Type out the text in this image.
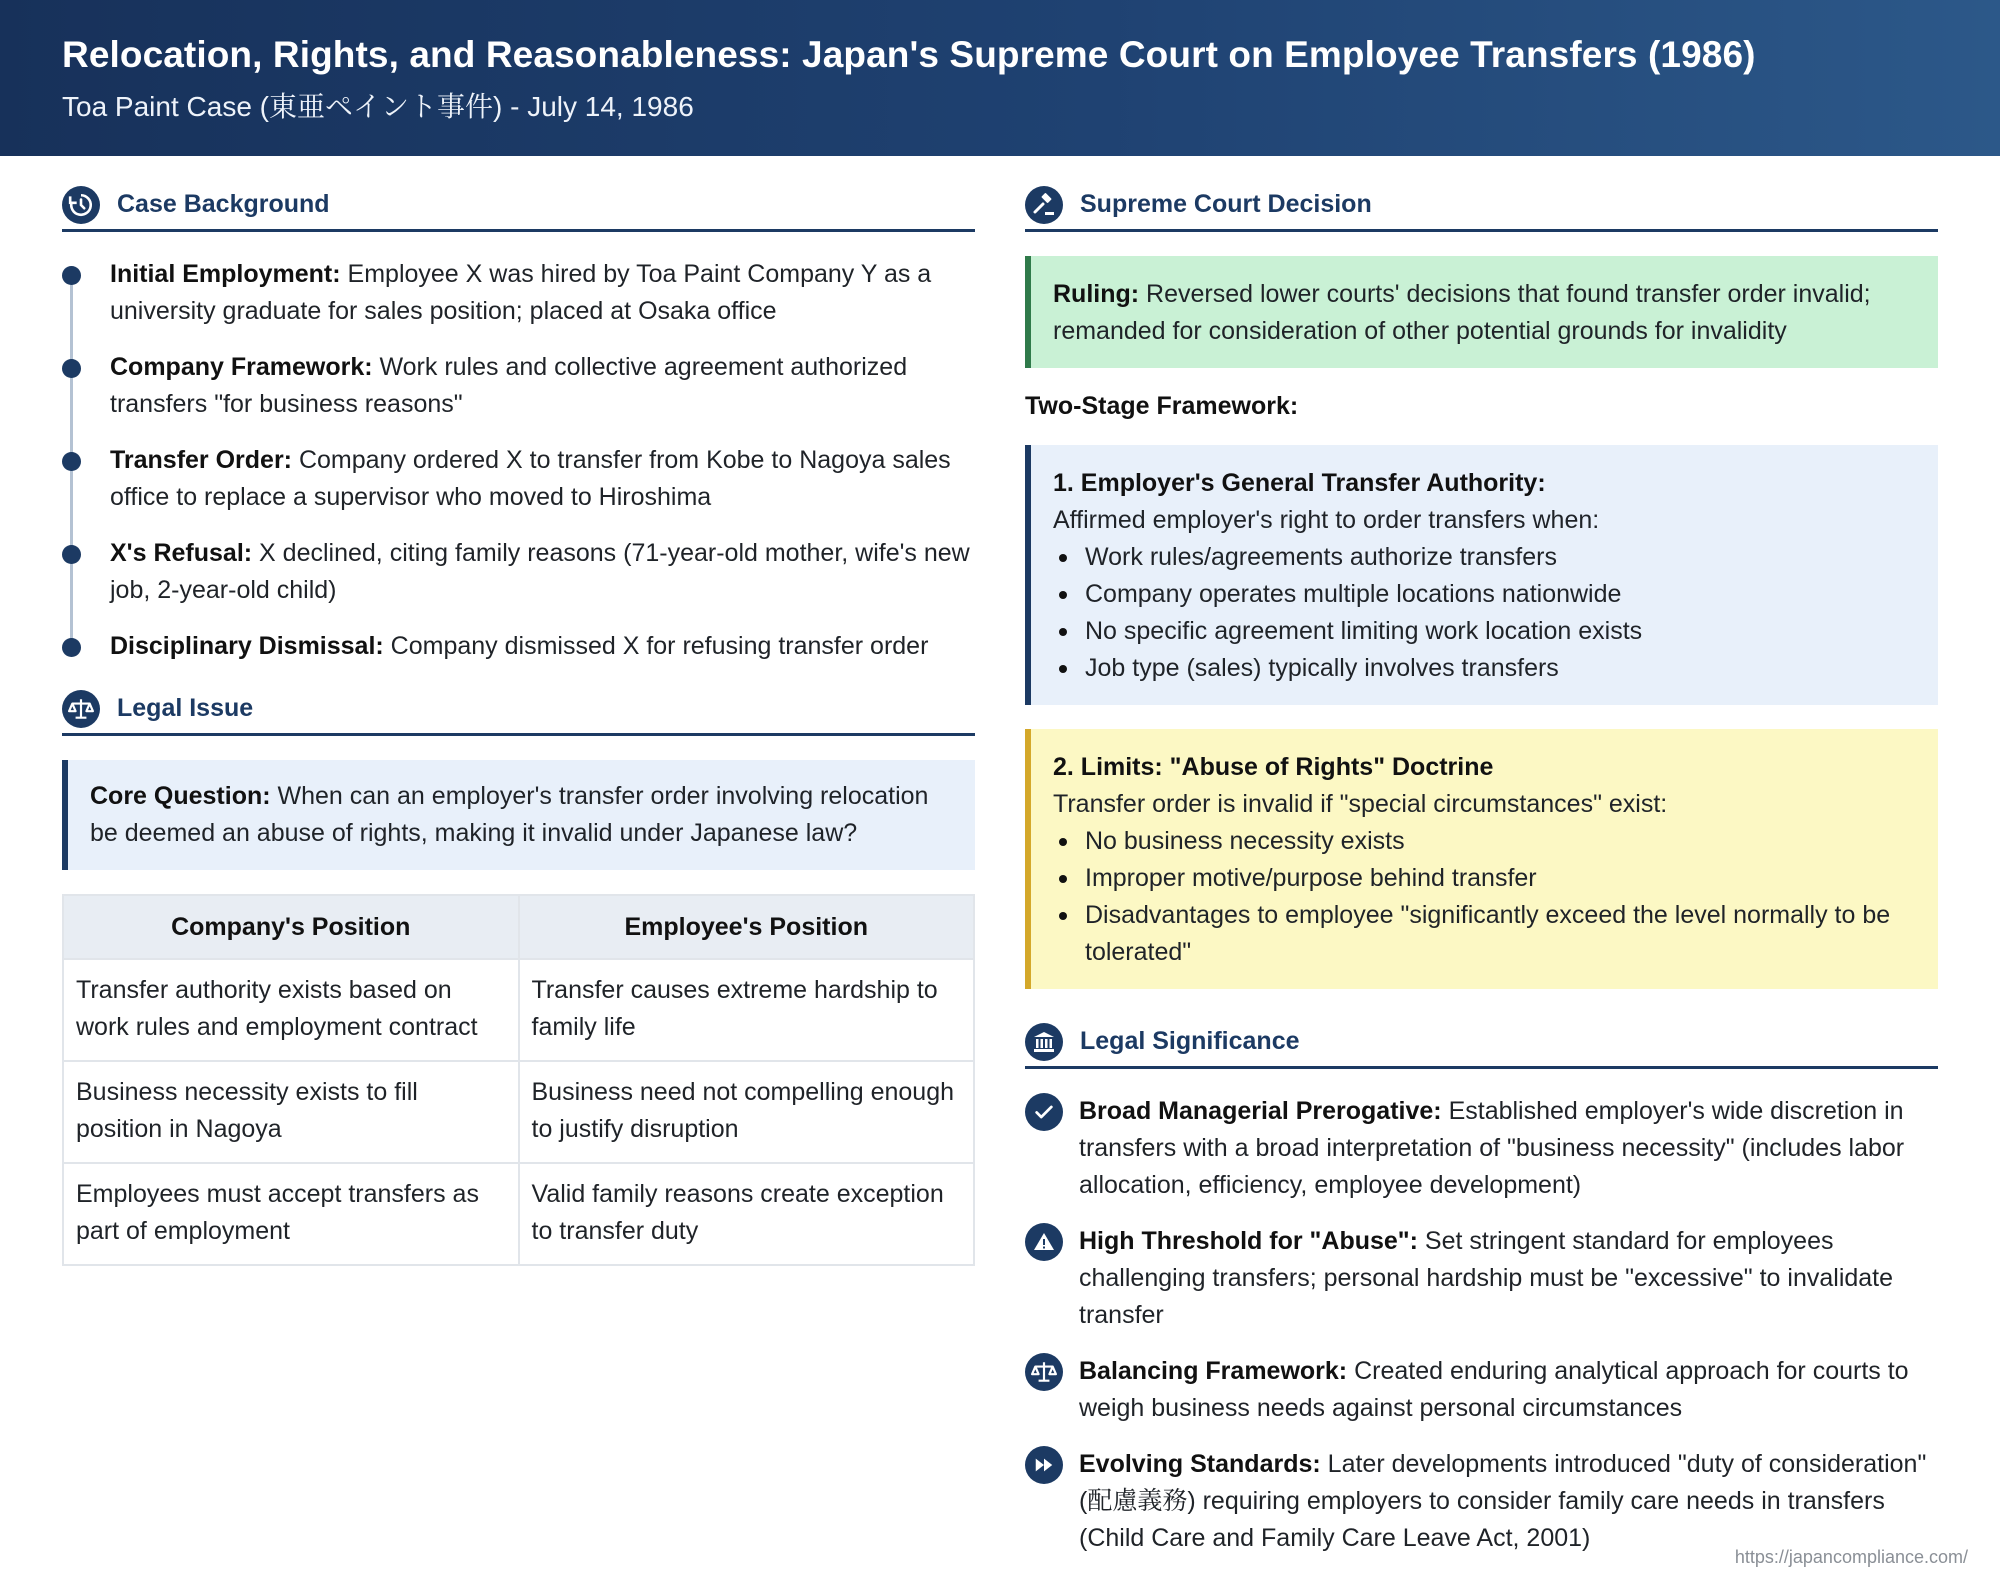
Relocation, Rights, and Reasonableness: Japan's Supreme Court on Employee Transfers (1986)
Toa Paint Case (東亜ペイント事件) - July 14, 1986
Case Background
Initial Employment: Employee X was hired by Toa Paint Company Y as a university graduate for sales position; placed at Osaka office
Company Framework: Work rules and collective agreement authorized transfers "for business reasons"
Transfer Order: Company ordered X to transfer from Kobe to Nagoya sales office to replace a supervisor who moved to Hiroshima
X's Refusal: X declined, citing family reasons (71-year-old mother, wife's new job, 2-year-old child)
Disciplinary Dismissal: Company dismissed X for refusing transfer order
Legal Issue
Core Question: When can an employer's transfer order involving relocation be deemed an abuse of rights, making it invalid under Japanese law?
Company's Position	Employee's Position
Transfer authority exists based on work rules and employment contract	Transfer causes extreme hardship to family life
Business necessity exists to fill position in Nagoya	Business need not compelling enough to justify disruption
Employees must accept transfers as part of employment	Valid family reasons create exception to transfer duty
Supreme Court Decision
Ruling: Reversed lower courts' decisions that found transfer order invalid; remanded for consideration of other potential grounds for invalidity
Two-Stage Framework:
1. Employer's General Transfer Authority:
Affirmed employer's right to order transfers when:
Work rules/agreements authorize transfers
Company operates multiple locations nationwide
No specific agreement limiting work location exists
Job type (sales) typically involves transfers
2. Limits: "Abuse of Rights" Doctrine
Transfer order is invalid if "special circumstances" exist:
No business necessity exists
Improper motive/purpose behind transfer
Disadvantages to employee "significantly exceed the level normally to be tolerated"
Legal Significance
Broad Managerial Prerogative: Established employer's wide discretion in transfers with a broad interpretation of "business necessity" (includes labor allocation, efficiency, employee development)
High Threshold for "Abuse": Set stringent standard for employees challenging transfers; personal hardship must be "excessive" to invalidate transfer
Balancing Framework: Created enduring analytical approach for courts to weigh business needs against personal circumstances
Evolving Standards: Later developments introduced "duty of consideration" (配慮義務) requiring employers to consider family care needs in transfers (Child Care and Family Care Leave Act, 2001)
https://japancompliance.com/
